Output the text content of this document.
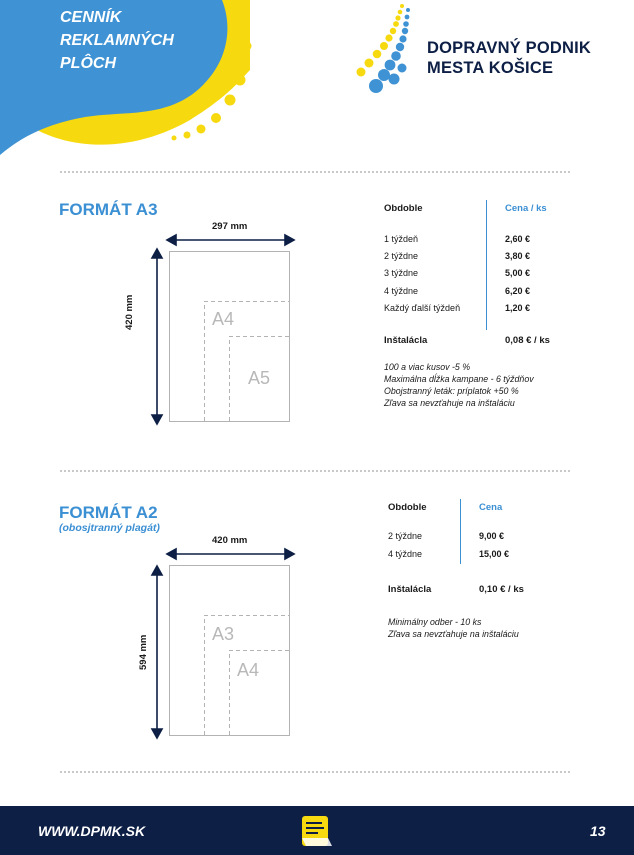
CENNÍK
REKLAMNÝCH
PLÔCH
DOPRAVNÝ PODNIK
MESTA KOŠICE
FORMÁT A3
297 mm
420 mm	A4
A5
Obdoble	Cena / ks
1 týždeň	2,60 €
2 týždne	3,80 €
3 týždne	5,00 €
4 týždne	6,20 €
Každý ďalší týždeň	1,20 €
Inštalácla	0,08 € / ks
100 a viac kusov -5 %
Maximálna dĺžka kampane - 6 týždňov
Obojstranný leták: príplatok +50 %
Zľava sa nevzťahuje na inštaláciu
FORMÁT A2
(obosjtranný plagát)
420 mm
594 mm
A3
A4
Obdoble	Cena
2 týždne	9,00 €
4 týždne	15,00 €
Inštalácla	0,10 € / ks
Minimálny odber - 10 ks
Zľava sa nevzťahuje na inštaláciu
WWW.DPMK.SK	13
